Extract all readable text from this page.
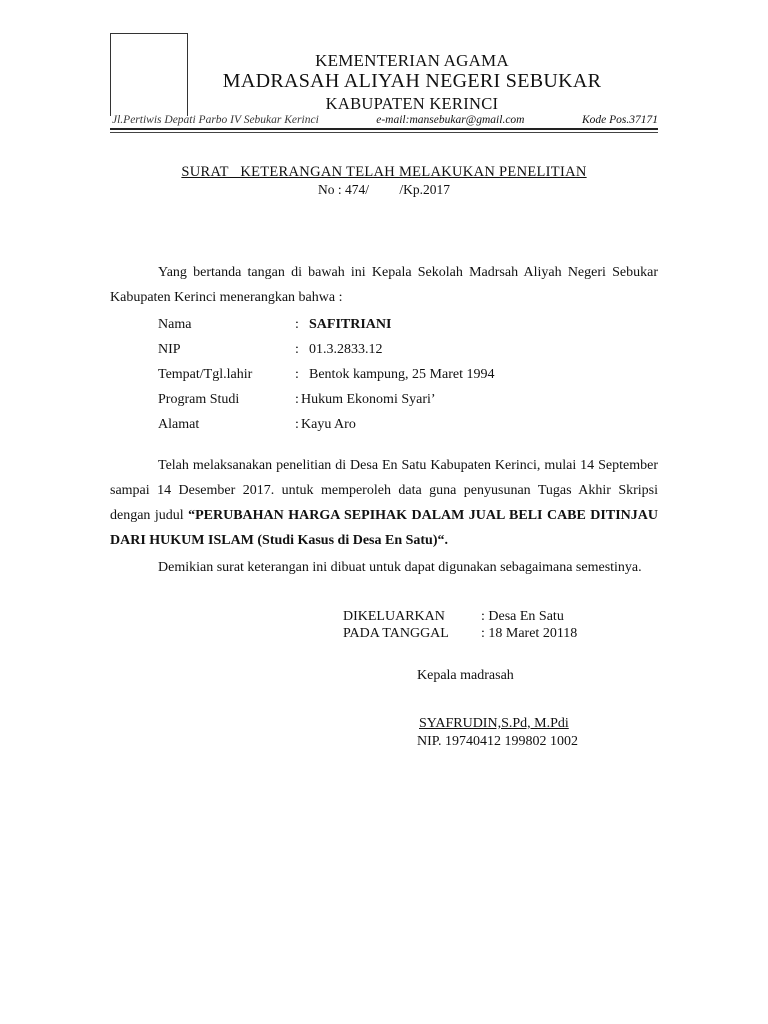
KEMENTERIAN AGAMA
MADRASAH ALIYAH NEGERI SEBUKAR
KABUPATEN KERINCI
Jl.Pertiwis Depati Parbo IV Sebukar Kerinci	e-mail:mansebukar@gmail.com	Kode Pos.37171
SURAT   KETERANGAN TELAH MELAKUKAN PENELITIAN
No : 474/         /Kp.2017
Yang bertanda tangan di bawah ini Kepala Sekolah Madrsah Aliyah Negeri Sebukar Kabupaten Kerinci menerangkan bahwa :
Nama	: SAFITRIANI
NIP	: 01.3.2833.12
Tempat/Tgl.lahir	: Bentok kampung, 25 Maret 1994
Program Studi	: Hukum Ekonomi Syari’
Alamat	: Kayu Aro
Telah melaksanakan penelitian di Desa En Satu Kabupaten Kerinci, mulai 14 September sampai 14 Desember 2017. untuk memperoleh data guna penyusunan Tugas Akhir Skripsi dengan judul “PERUBAHAN HARGA SEPIHAK DALAM JUAL BELI CABE DITINJAU DARI HUKUM ISLAM (Studi Kasus di Desa En Satu)“.
Demikian surat keterangan ini dibuat untuk dapat digunakan sebagaimana semestinya.
DIKELUARKAN	: Desa En Satu
PADA TANGGAL	: 18 Maret 20118
Kepala madrasah
SYAFRUDIN,S.Pd, M.Pdi
NIP. 19740412 199802 1002
